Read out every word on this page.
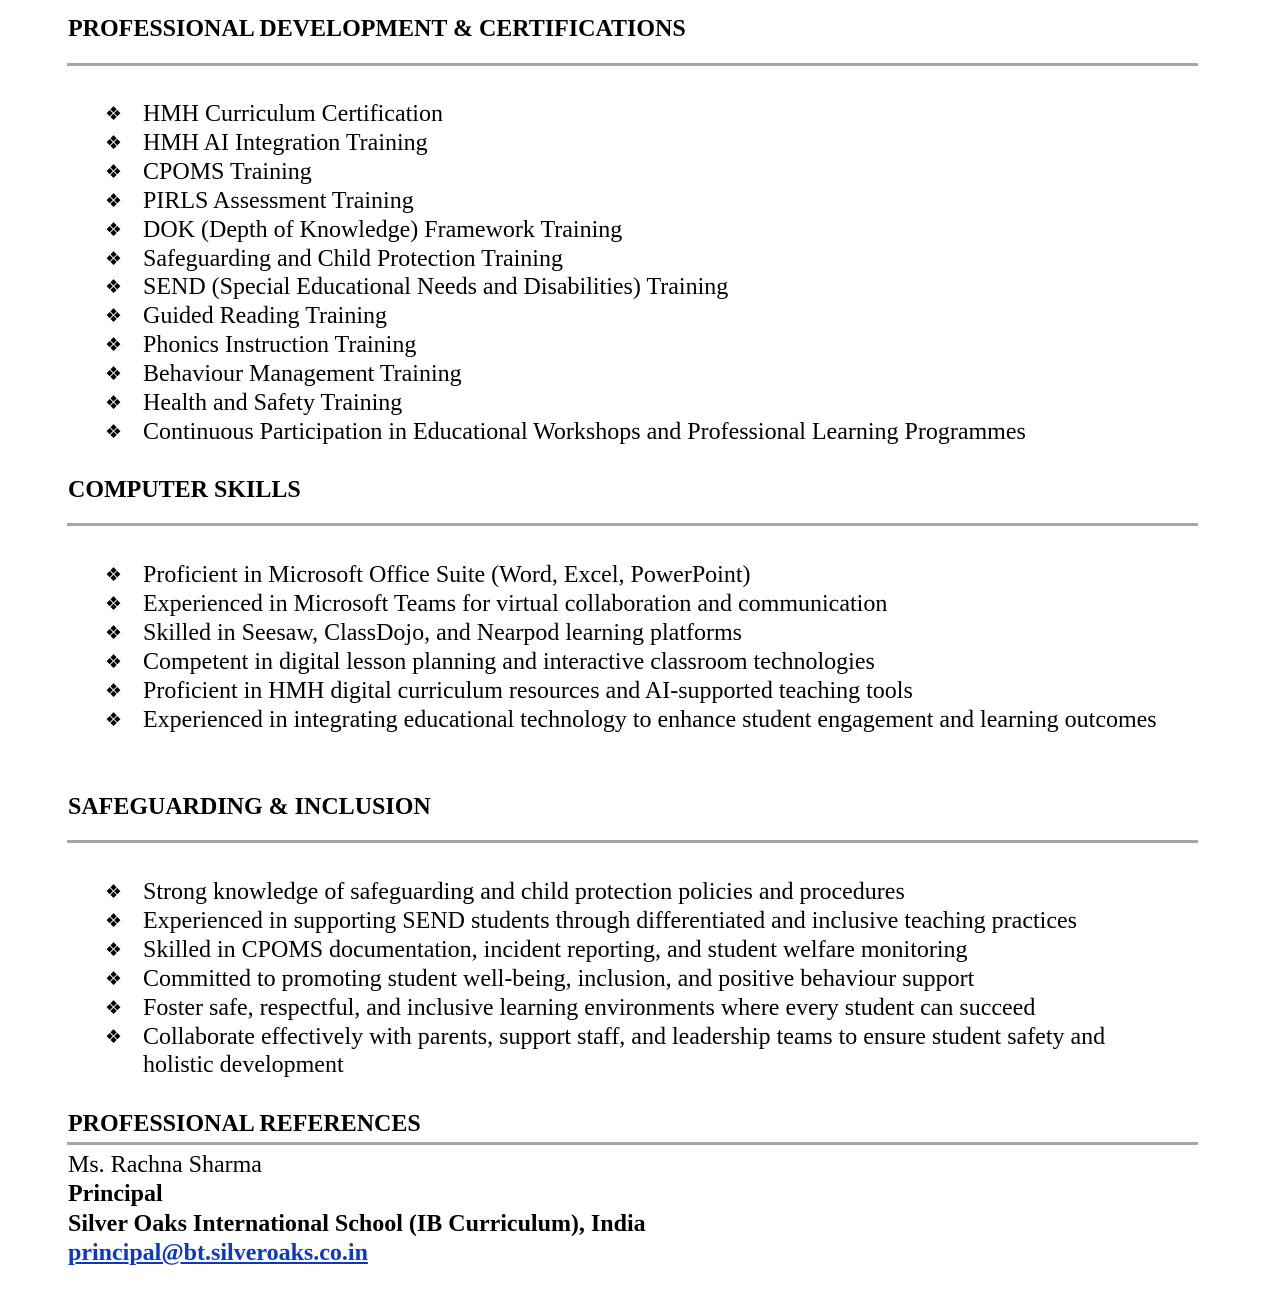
PROFESSIONAL DEVELOPMENT & CERTIFICATIONS
❖ HMH Curriculum Certification
❖ HMH AI Integration Training
❖ CPOMS Training
❖ PIRLS Assessment Training
❖ DOK (Depth of Knowledge) Framework Training
❖ Safeguarding and Child Protection Training
❖ SEND (Special Educational Needs and Disabilities) Training
❖ Guided Reading Training
❖ Phonics Instruction Training
❖ Behaviour Management Training
❖ Health and Safety Training
❖ Continuous Participation in Educational Workshops and Professional Learning Programmes
COMPUTER SKILLS
❖ Proficient in Microsoft Office Suite (Word, Excel, PowerPoint)
❖ Experienced in Microsoft Teams for virtual collaboration and communication
❖ Skilled in Seesaw, ClassDojo, and Nearpod learning platforms
❖ Competent in digital lesson planning and interactive classroom technologies
❖ Proficient in HMH digital curriculum resources and AI-supported teaching tools
❖ Experienced in integrating educational technology to enhance student engagement and learning outcomes
SAFEGUARDING & INCLUSION
❖ Strong knowledge of safeguarding and child protection policies and procedures
❖ Experienced in supporting SEND students through differentiated and inclusive teaching practices
❖ Skilled in CPOMS documentation, incident reporting, and student welfare monitoring
❖ Committed to promoting student well-being, inclusion, and positive behaviour support
❖ Foster safe, respectful, and inclusive learning environments where every student can succeed
❖ Collaborate effectively with parents, support staff, and leadership teams to ensure student safety and holistic development
PROFESSIONAL REFERENCES
Ms. Rachna Sharma
Principal
Silver Oaks International School (IB Curriculum), India
principal@bt.silveroaks.co.in
